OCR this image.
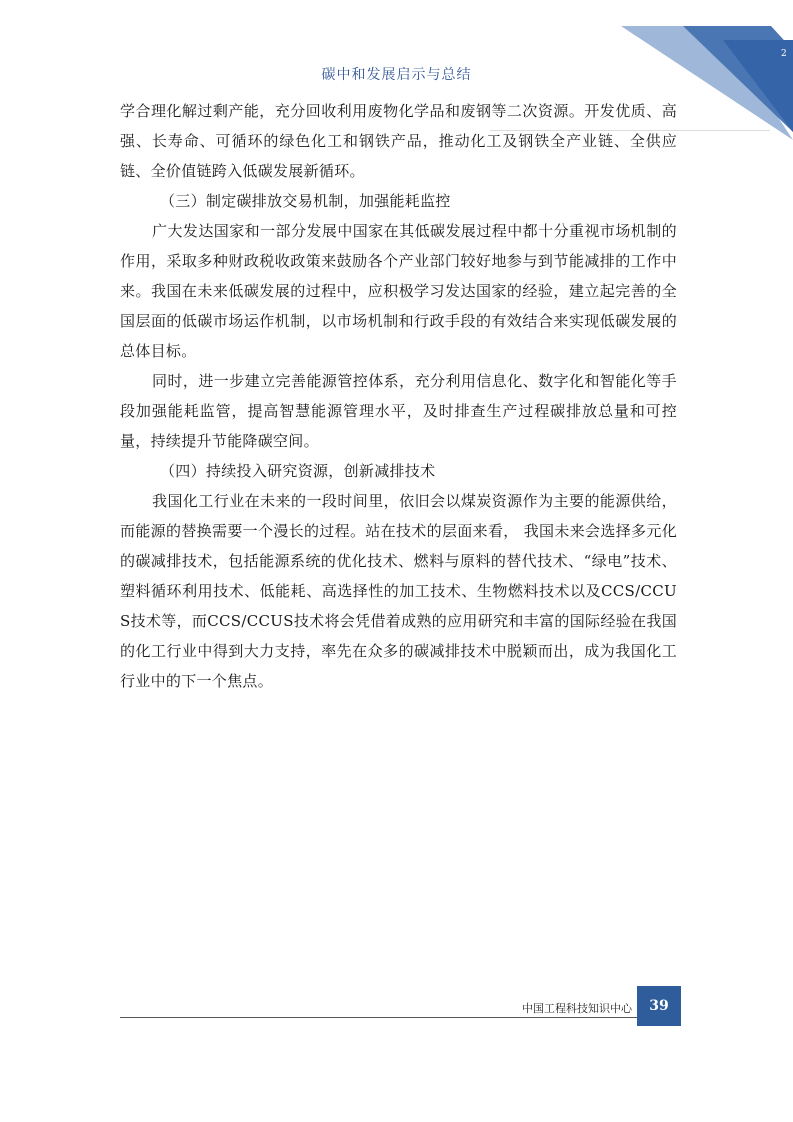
2
碳中和发展启示与总结

学合理化解过剩产能，充分回收利用废物化学品和废钢等二次资源。开发优质、高强、长寿命、可循环的绿色化工和钢铁产品，推动化工及钢铁全产业链、全供应链、全价值链跨入低碳发展新循环。

（三）制定碳排放交易机制，加强能耗监控

广大发达国家和一部分发展中国家在其低碳发展过程中都十分重视市场机制的作用，采取多种财政税收政策来鼓励各个产业部门较好地参与到节能减排的工作中来。我国在未来低碳发展的过程中，应积极学习发达国家的经验，建立起完善的全国层面的低碳市场运作机制，以市场机制和行政手段的有效结合来实现低碳发展的总体目标。

同时，进一步建立完善能源管控体系，充分利用信息化、数字化和智能化等手段加强能耗监管，提高智慧能源管理水平，及时排查生产过程碳排放总量和可控量，持续提升节能降碳空间。

（四）持续投入研究资源，创新减排技术

我国化工行业在未来的一段时间里，依旧会以煤炭资源作为主要的能源供给，而能源的替换需要一个漫长的过程。站在技术的层面来看， 我国未来会选择多元化的碳减排技术，包括能源系统的优化技术、燃料与原料的替代技术、“绿电”技术、塑料循环利用技术、低能耗、高选择性的加工技术、生物燃料技术以及CCS/CCUS技术等，而CCS/CCUS技术将会凭借着成熟的应用研究和丰富的国际经验在我国的化工行业中得到大力支持，率先在众多的碳减排技术中脱颖而出，成为我国化工行业中的下一个焦点。

中国工程科技知识中心	39
